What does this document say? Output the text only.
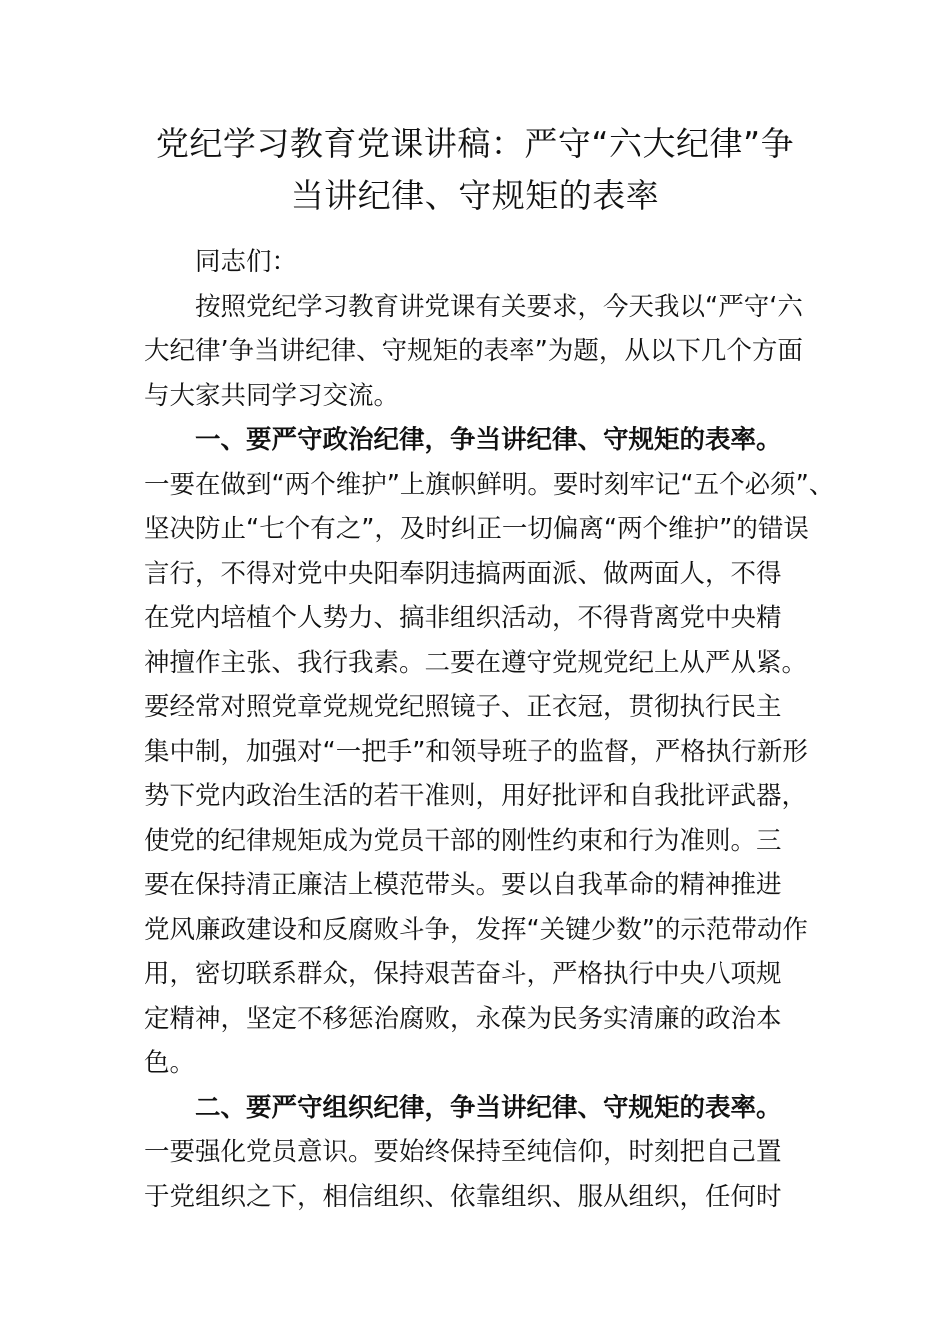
党纪学习教育党课讲稿：严守“六大纪律”争
当讲纪律、守规矩的表率
同志们：
按照党纪学习教育讲党课有关要求，今天我以“严守‘六
大纪律’争当讲纪律、守规矩的表率”为题，从以下几个方面
与大家共同学习交流。
一、要严守政治纪律，争当讲纪律、守规矩的表率。
一要在做到“两个维护”上旗帜鲜明。要时刻牢记“五个必须”、
坚决防止“七个有之”，及时纠正一切偏离“两个维护”的错误
言行，不得对党中央阳奉阴违搞两面派、做两面人，不得
在党内培植个人势力、搞非组织活动，不得背离党中央精
神擅作主张、我行我素。二要在遵守党规党纪上从严从紧。
要经常对照党章党规党纪照镜子、正衣冠，贯彻执行民主
集中制，加强对“一把手”和领导班子的监督，严格执行新形
势下党内政治生活的若干准则，用好批评和自我批评武器，
使党的纪律规矩成为党员干部的刚性约束和行为准则。三
要在保持清正廉洁上模范带头。要以自我革命的精神推进
党风廉政建设和反腐败斗争，发挥“关键少数”的示范带动作
用，密切联系群众，保持艰苦奋斗，严格执行中央八项规
定精神，坚定不移惩治腐败，永葆为民务实清廉的政治本
色。
二、要严守组织纪律，争当讲纪律、守规矩的表率。
一要强化党员意识。要始终保持至纯信仰，时刻把自己置
于党组织之下，相信组织、依靠组织、服从组织，任何时
